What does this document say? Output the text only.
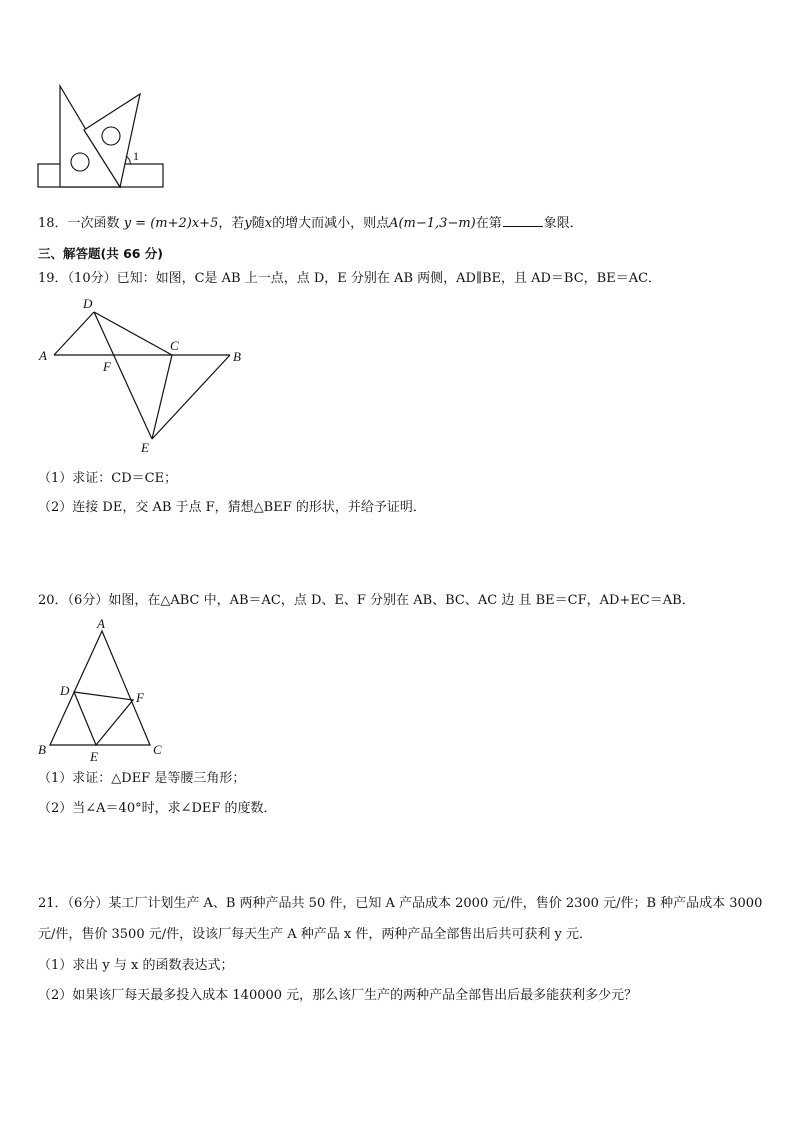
1
18．一次函数 y = (m+2)x+5，若y随x的增大而减小，则点A(m−1,3−m)在第	象限．
三、解答题(共 66 分)
19．（10分）已知：如图，C是 AB 上一点，点 D，E 分别在 AB 两侧，AD∥BE，且 AD＝BC，BE＝AC．
D
A
F
C
B
E
（1）求证：CD＝CE；
（2）连接 DE，交 AB 于点 F，猜想△BEF 的形状，并给予证明．
20．（6分）如图，在△ABC 中，AB＝AC，点 D、E、F 分别在 AB、BC、AC 边 且 BE＝CF，AD+EC＝AB．
A
D	F
B	E	C
（1）求证：△DEF 是等腰三角形；
（2）当∠A＝40°时，求∠DEF 的度数．
21．（6分）某工厂计划生产 A、B 两种产品共 50 件，已知 A 产品成本 2000 元/件，售价 2300 元/件；B 种产品成本 3000
元/件，售价 3500 元/件，设该厂每天生产 A 种产品 x 件，两种产品全部售出后共可获利 y 元．
（1）求出 y 与 x 的函数表达式；
（2）如果该厂每天最多投入成本 140000 元，那么该厂生产的两种产品全部售出后最多能获利多少元？
